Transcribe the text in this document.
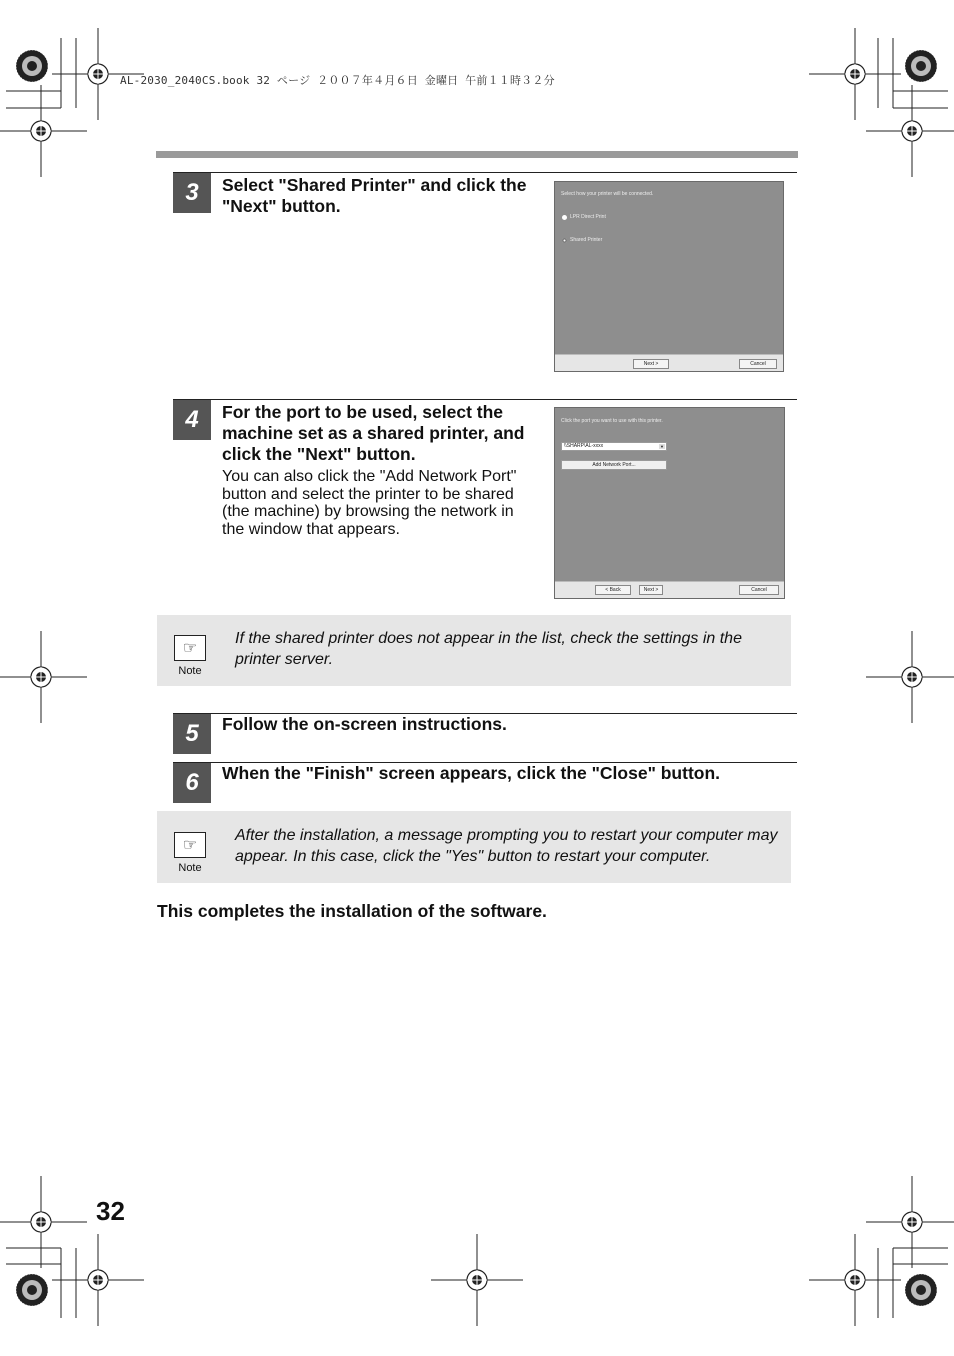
AL-2030_2040CS.book 32 ページ ２００７年４月６日 金曜日 午前１１時３２分
3	Select "Shared Printer" and click the "Next" button.
Select how your printer will be connected.
LPR Direct Print
Shared Printer
Next >	Cancel
4	For the port to be used, select the machine set as a shared printer, and click the "Next" button.
You can also click the "Add Network Port" button and select the printer to be shared (the machine) by browsing the network in the window that appears.
Click the port you want to use with this printer.
\\SHARP\AL-xxxx	▼
Add Network Port...
< Back	Next >	Cancel
☞
Note
If the shared printer does not appear in the list, check the settings in the printer server.
5	Follow the on-screen instructions.
6	When the "Finish" screen appears, click the "Close" button.
☞
Note
After the installation, a message prompting you to restart your computer may appear. In this case, click the "Yes" button to restart your computer.
This completes the installation of the software.
32
